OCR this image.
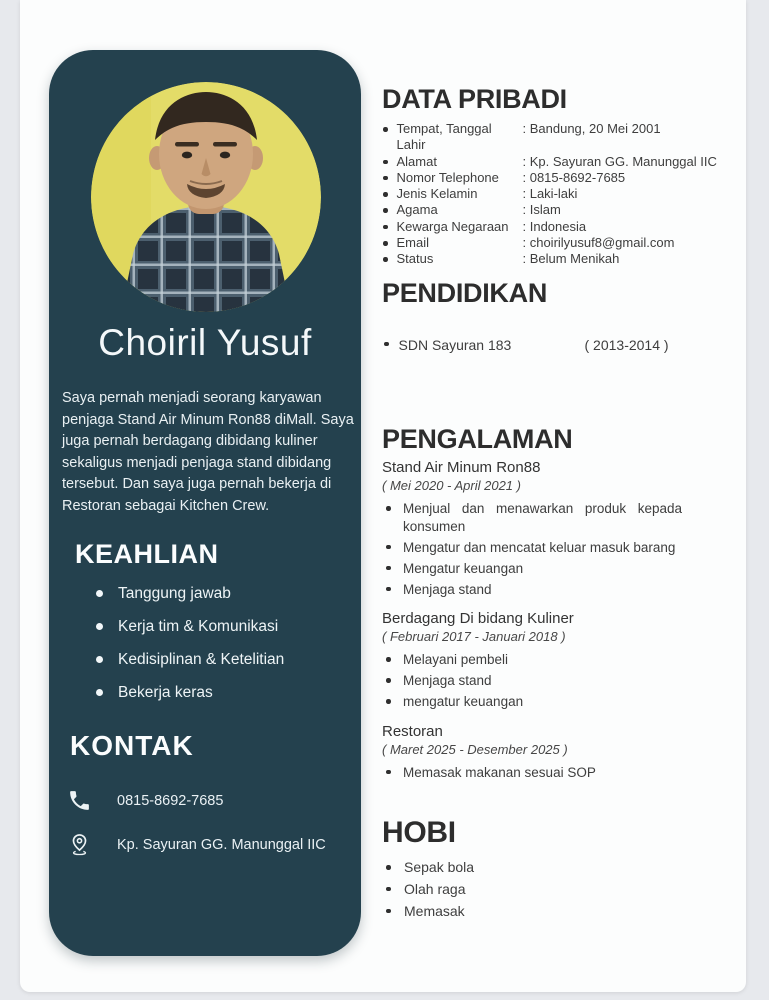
Choiril Yusuf
Saya pernah menjadi seorang karyawan penjaga Stand Air Minum Ron88 diMall. Saya juga pernah berdagang dibidang kuliner sekaligus menjadi penjaga stand dibidang tersebut. Dan saya juga pernah bekerja di Restoran sebagai Kitchen Crew.
KEAHLIAN
Tanggung jawab
Kerja tim & Komunikasi
Kedisiplinan & Ketelitian
Bekerja keras
KONTAK
0815-8692-7685
Kp. Sayuran GG. Manunggal IIC
DATA PRIBADI
Tempat, Tanggal Lahir
: Bandung, 20 Mei 2001
Alamat	: Kp. Sayuran GG. Manunggal IIC
Nomor Telephone	: 0815-8692-7685
Jenis Kelamin	: Laki-laki
Agama	: Islam
Kewarga Negaraan	: Indonesia
Email	: choirilyusuf8@gmail.com
Status	: Belum Menikah
PENDIDIKAN
SDN Sayuran 183	( 2013-2014 )
PENGALAMAN
Stand Air Minum Ron88
( Mei 2020 - April 2021 )
Menjual dan menawarkan produk kepada konsumen
Mengatur dan mencatat keluar masuk barang
Mengatur keuangan
Menjaga stand
Berdagang Di bidang Kuliner
( Februari 2017 - Januari 2018 )
Melayani pembeli
Menjaga stand
mengatur keuangan
Restoran
( Maret 2025 - Desember 2025 )
Memasak makanan sesuai SOP
HOBI
Sepak bola
Olah raga
Memasak
